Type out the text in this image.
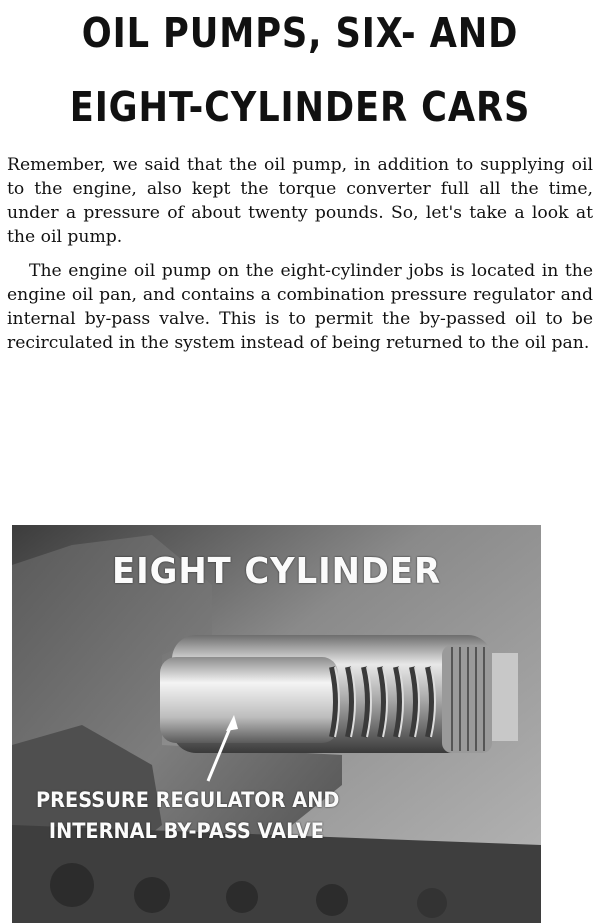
OIL PUMPS, SIX- AND
EIGHT-CYLINDER CARS

Remember, we said that the oil pump, in addition to supplying oil to the engine, also kept the torque converter full all the time, under a pressure of about twenty pounds. So, let's take a look at the oil pump.

The engine oil pump on the eight-cylinder jobs is located in the engine oil pan, and contains a combination pressure regulator and internal by-pass valve. This is to permit the by-passed oil to be recirculated in the system instead of being returned to the oil pan.

EIGHT CYLINDER
PRESSURE REGULATOR AND
INTERNAL BY-PASS VALVE
